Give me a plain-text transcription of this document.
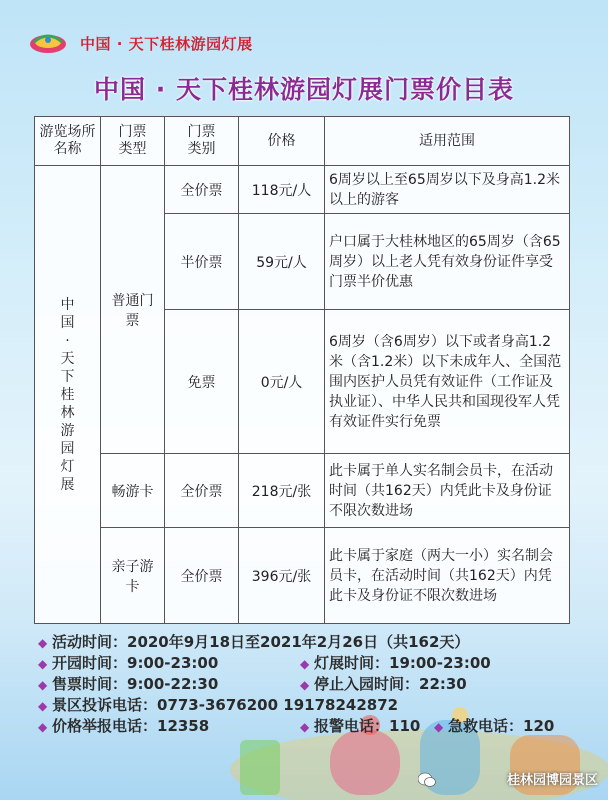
中国 · 天下桂林游园灯展
中国 · 天下桂林游园灯展门票价目表
游览场所名称	门票类型	门票类别	价格	适用范围
中国 · 天下桂林游园灯展	普通门票	全价票	118元/人	6周岁以上至65周岁以下及身高1.2米以上的游客
		半价票	59元/人	户口属于大桂林地区的65周岁（含65周岁）以上老人凭有效身份证件享受门票半价优惠
		免票	0元/人	6周岁（含6周岁）以下或者身高1.2米（含1.2米）以下未成年人、全国范围内医护人员凭有效证件（工作证及执业证）、中华人民共和国现役军人凭有效证件实行免票
	畅游卡	全价票	218元/张	此卡属于单人实名制会员卡，在活动时间（共162天）内凭此卡及身份证不限次数进场
	亲子游卡	全价票	396元/张	此卡属于家庭（两大一小）实名制会员卡，在活动时间（共162天）内凭此卡及身份证不限次数进场
◆ 活动时间：2020年9月18日至2021年2月26日（共162天）
◆ 开园时间：9:00-23:00	◆ 灯展时间：19:00-23:00
◆ 售票时间：9:00-22:30	◆ 停止入园时间：22:30
◆ 景区投诉电话：0773-3676200 19178242872
◆ 价格举报电话：12358	◆ 报警电话：110 ◆ 急救电话：120
桂林园博园景区
